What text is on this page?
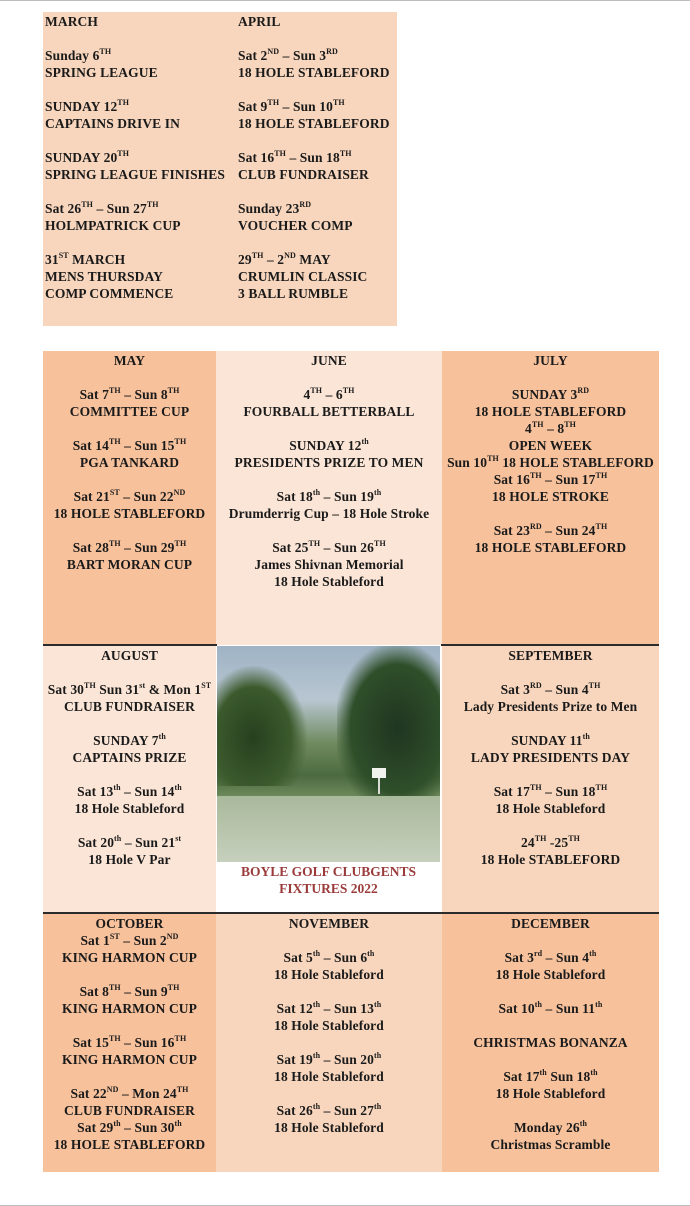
MARCH
Sunday 6TH
SPRING LEAGUE
SUNDAY 12TH
CAPTAINS DRIVE IN
SUNDAY 20TH
SPRING LEAGUE FINISHES
Sat 26TH – Sun 27TH
HOLMPATRICK CUP
31ST MARCH
MENS THURSDAY
COMP COMMENCE
APRIL
Sat 2ND – Sun 3RD
18 HOLE STABLEFORD
Sat 9TH – Sun 10TH
18 HOLE STABLEFORD
Sat 16TH – Sun 18TH
CLUB FUNDRAISER
Sunday 23RD
VOUCHER COMP
29TH – 2ND MAY
CRUMLIN CLASSIC
3 BALL RUMBLE
MAY
Sat 7TH – Sun 8TH
COMMITTEE CUP
Sat 14TH – Sun 15TH
PGA TANKARD
Sat 21ST – Sun 22ND
18 HOLE STABLEFORD
Sat 28TH – Sun 29TH
BART MORAN CUP
JUNE
4TH – 6TH
FOURBALL BETTERBALL
SUNDAY 12th
PRESIDENTS PRIZE TO MEN
Sat 18th – Sun 19th
Drumderrig Cup – 18 Hole Stroke
Sat 25TH – Sun 26TH
James Shivnan Memorial
18 Hole Stableford
JULY
SUNDAY 3RD
18 HOLE STABLEFORD
4TH – 8TH
OPEN WEEK
Sun 10TH 18 HOLE STABLEFORD
Sat 16TH – Sun 17TH
18 HOLE STROKE
Sat 23RD – Sun 24TH
18 HOLE STABLEFORD
AUGUST
Sat 30TH Sun 31st & Mon 1ST
CLUB FUNDRAISER
SUNDAY 7th
CAPTAINS PRIZE
Sat 13th – Sun 14th
18 Hole Stableford
Sat 20th – Sun 21st
18 Hole V Par
BOYLE GOLF CLUBGENTS FIXTURES 2022
SEPTEMBER
Sat 3RD – Sun 4TH
Lady Presidents Prize to Men
SUNDAY 11th
LADY PRESIDENTS DAY
Sat 17TH – Sun 18TH
18 Hole Stableford
24TH -25TH
18 Hole STABLEFORD
OCTOBER
Sat 1ST – Sun 2ND
KING HARMON CUP
Sat 8TH – Sun 9TH
KING HARMON CUP
Sat 15TH – Sun 16TH
KING HARMON CUP
Sat 22ND – Mon 24TH
CLUB FUNDRAISER
Sat 29th – Sun 30th
18 HOLE STABLEFORD
NOVEMBER
Sat 5th – Sun 6th
18 Hole Stableford
Sat 12th – Sun 13th
18 Hole Stableford
Sat 19th – Sun 20th
18 Hole Stableford
Sat 26th – Sun 27th
18 Hole Stableford
DECEMBER
Sat 3rd – Sun 4th
18 Hole Stableford
Sat 10th – Sun 11th
CHRISTMAS BONANZA
Sat 17th Sun 18th
18 Hole Stableford
Monday 26th
Christmas Scramble
